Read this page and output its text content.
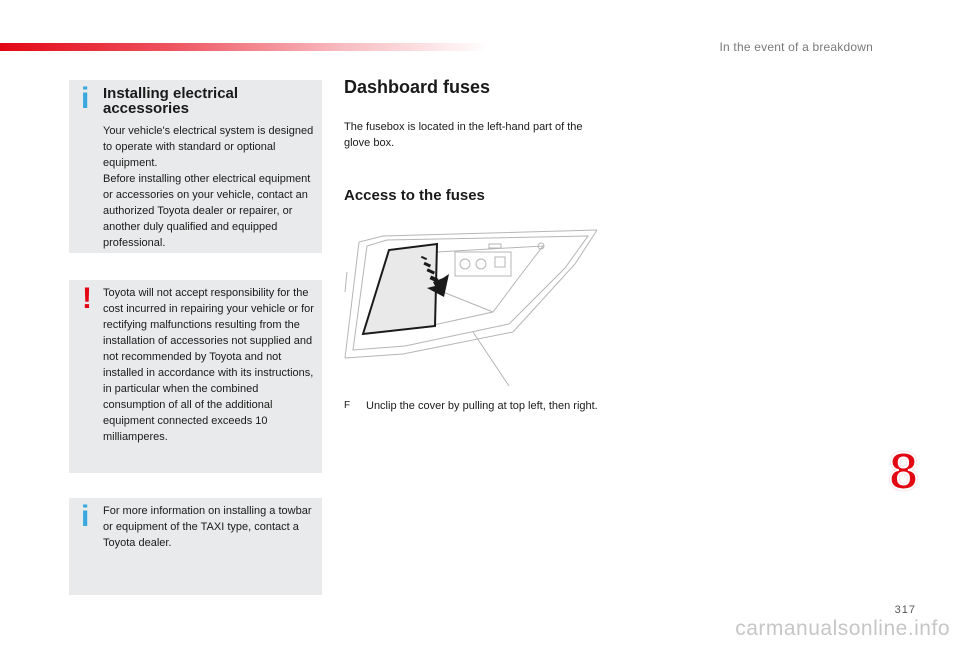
In the event of a breakdown
i Installing electrical accessories
Your vehicle's electrical system is designed to operate with standard or optional equipment.
Before installing other electrical equipment or accessories on your vehicle, contact an authorized Toyota dealer or repairer, or another duly qualified and equipped professional.
! Toyota will not accept responsibility for the cost incurred in repairing your vehicle or for rectifying malfunctions resulting from the installation of accessories not supplied and not recommended by Toyota and not installed in accordance with its instructions, in particular when the combined consumption of all of the additional equipment connected exceeds 10 milliamperes.
i For more information on installing a towbar or equipment of the TAXI type, contact a Toyota dealer.
Dashboard fuses
The fusebox is located in the left-hand part of the glove box.
Access to the fuses
F Unclip the cover by pulling at top left, then right.
8
317
carmanualsonline.info
